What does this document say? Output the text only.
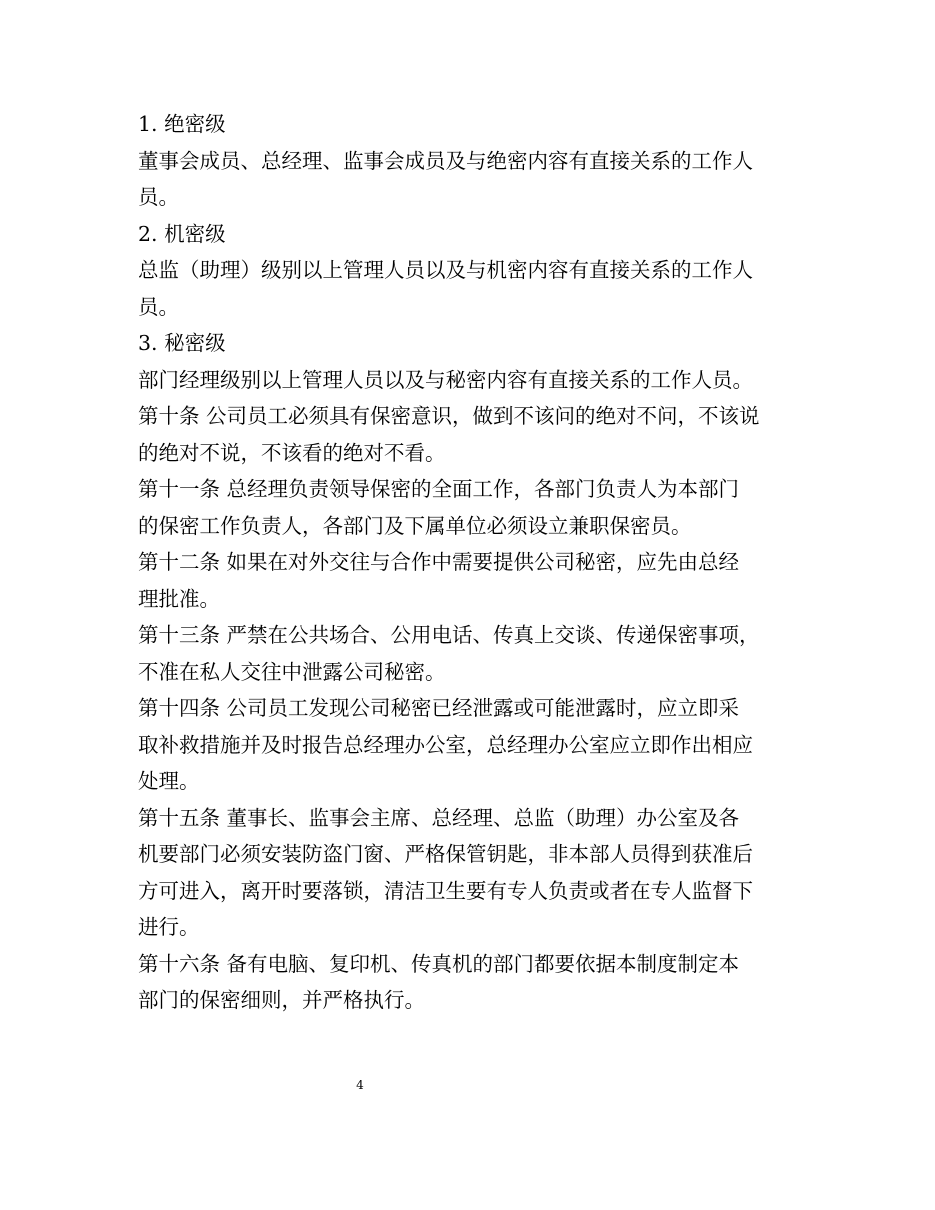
1. 绝密级
董事会成员、总经理、监事会成员及与绝密内容有直接关系的工作人
员。
2. 机密级
总监（助理）级别以上管理人员以及与机密内容有直接关系的工作人
员。
3. 秘密级
部门经理级别以上管理人员以及与秘密内容有直接关系的工作人员。
第十条 公司员工必须具有保密意识，做到不该问的绝对不问，不该说
的绝对不说，不该看的绝对不看。
第十一条 总经理负责领导保密的全面工作，各部门负责人为本部门
的保密工作负责人，各部门及下属单位必须设立兼职保密员。
第十二条 如果在对外交往与合作中需要提供公司秘密，应先由总经
理批准。
第十三条 严禁在公共场合、公用电话、传真上交谈、传递保密事项，
不准在私人交往中泄露公司秘密。
第十四条 公司员工发现公司秘密已经泄露或可能泄露时，应立即采
取补救措施并及时报告总经理办公室，总经理办公室应立即作出相应
处理。
第十五条 董事长、监事会主席、总经理、总监（助理）办公室及各
机要部门必须安装防盗门窗、严格保管钥匙，非本部人员得到获准后
方可进入，离开时要落锁，清洁卫生要有专人负责或者在专人监督下
进行。
第十六条 备有电脑、复印机、传真机的部门都要依据本制度制定本
部门的保密细则，并严格执行。
4
